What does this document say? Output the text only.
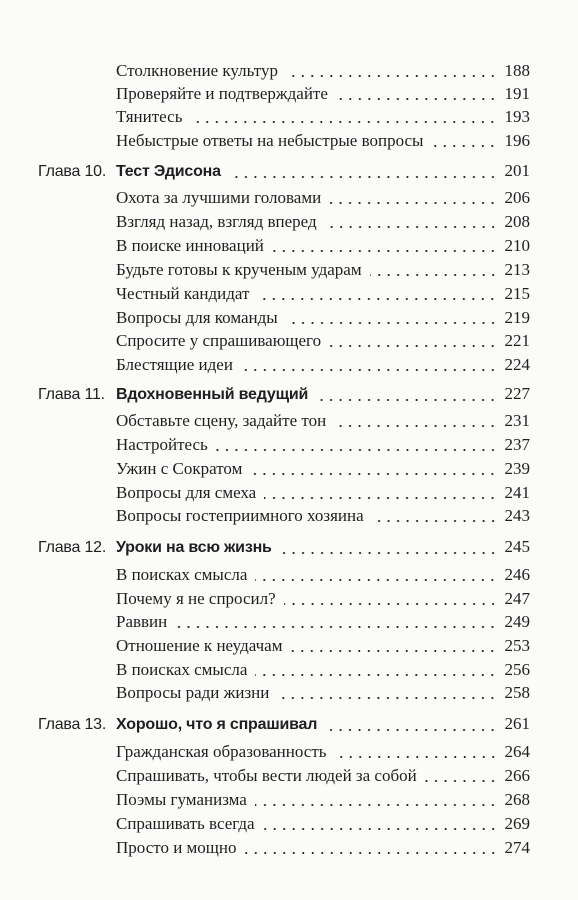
Столкновение культур	188
Проверяйте и подтверждайте	191
Тянитесь	193
Небыстрые ответы на небыстрые вопросы	196
Глава 10. Тест Эдисона	201
Охота за лучшими головами	206
Взгляд назад, взгляд вперед	208
В поиске инноваций	210
Будьте готовы к крученым ударам	213
Честный кандидат	215
Вопросы для команды	219
Спросите у спрашивающего	221
Блестящие идеи	224
Глава 11. Вдохновенный ведущий	227
Обставьте сцену, задайте тон	231
Настройтесь	237
Ужин с Сократом	239
Вопросы для смеха	241
Вопросы гостеприимного хозяина	243
Глава 12. Уроки на всю жизнь	245
В поисках смысла	246
Почему я не спросил?	247
Раввин	249
Отношение к неудачам	253
В поисках смысла	256
Вопросы ради жизни	258
Глава 13. Хорошо, что я спрашивал	261
Гражданская образованность	264
Спрашивать, чтобы вести людей за собой	266
Поэмы гуманизма	268
Спрашивать всегда	269
Просто и мощно	274
